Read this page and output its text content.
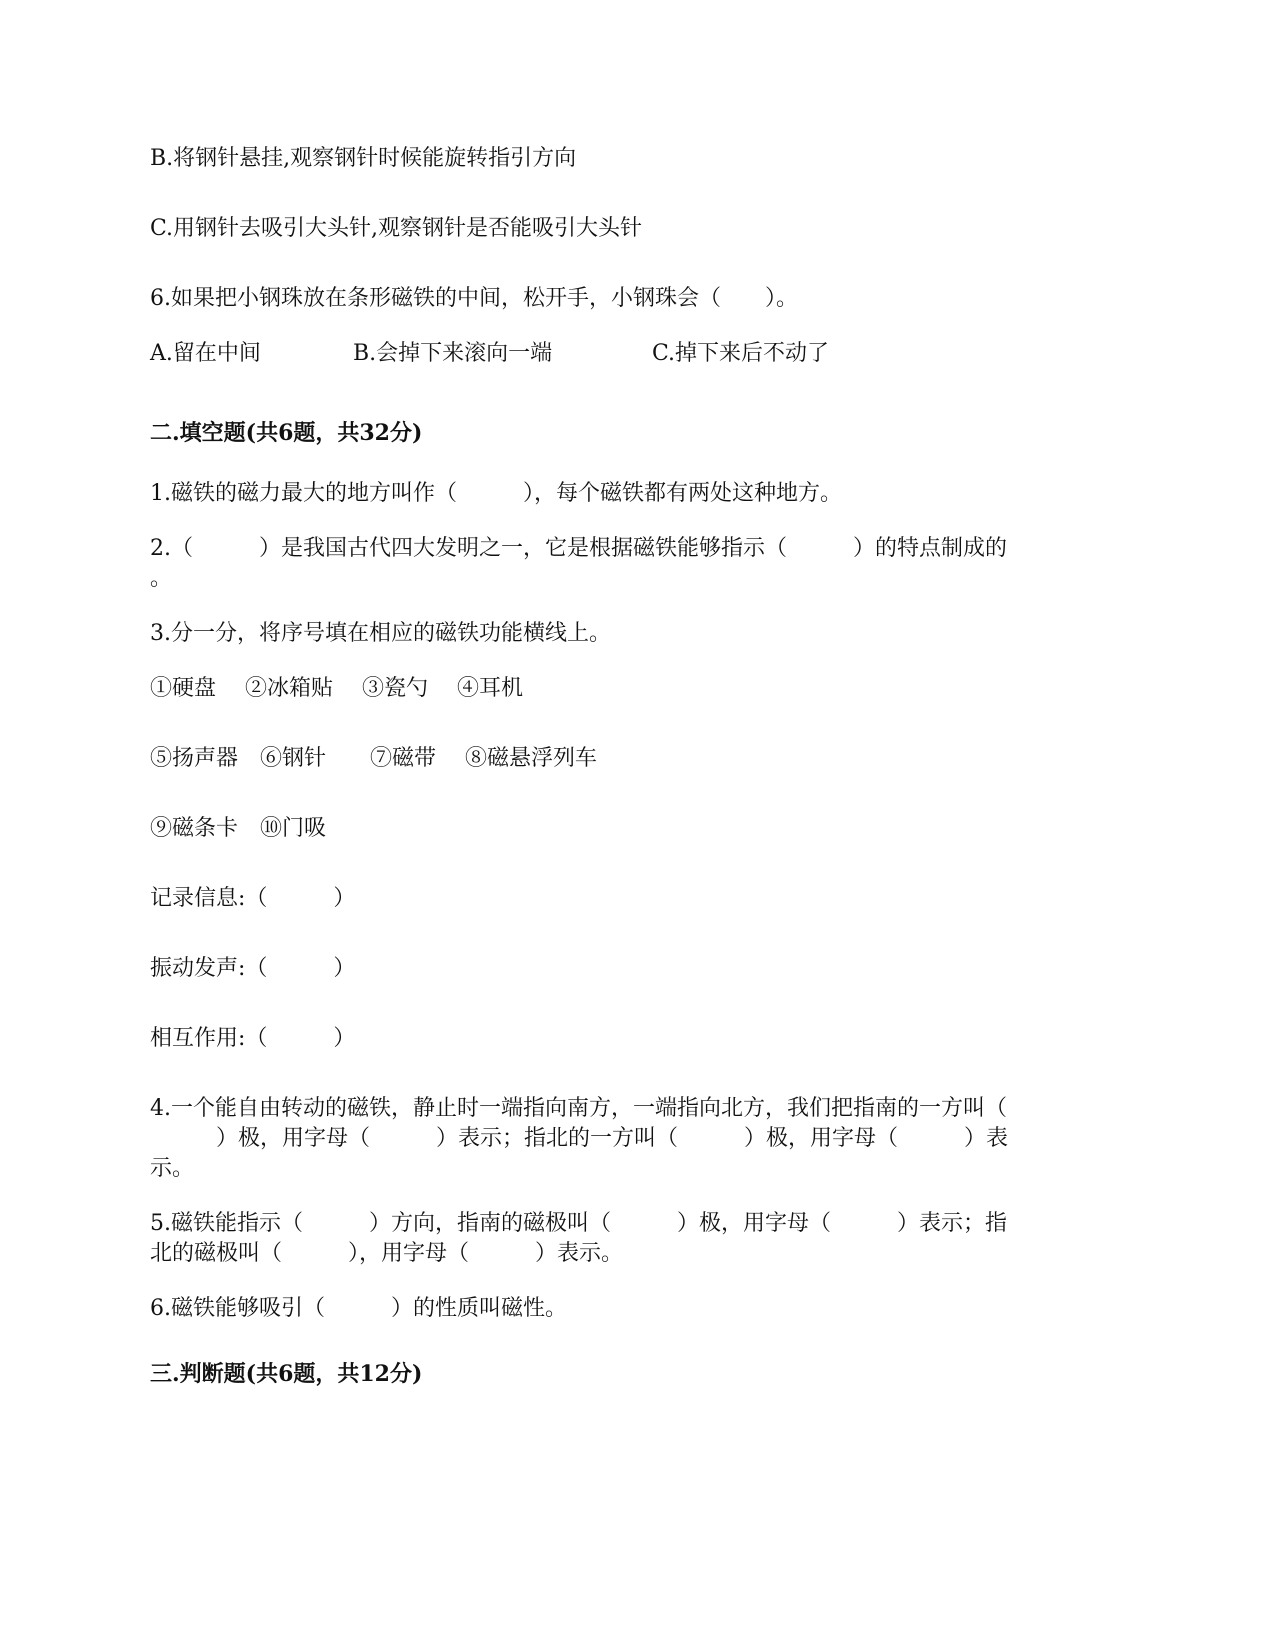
B.将钢针悬挂,观察钢针时候能旋转指引方向
C.用钢针去吸引大头针,观察钢针是否能吸引大头针
6.如果把小钢珠放在条形磁铁的中间，松开手，小钢珠会（　　）。
A.留在中间	B.会掉下来滚向一端	C.掉下来后不动了
二.填空题(共6题，共32分)
1.磁铁的磁力最大的地方叫作（　　　），每个磁铁都有两处这种地方。
2.（　　　）是我国古代四大发明之一，它是根据磁铁能够指示（　　　）的特点制成的
。
3.分一分，将序号填在相应的磁铁功能横线上。
①硬盘　 ②冰箱贴　 ③瓷勺　 ④耳机
⑤扬声器　⑥钢针　　⑦磁带　 ⑧磁悬浮列车
⑨磁条卡　⑩门吸
记录信息:（　　　）
振动发声:（　　　）
相互作用:（　　　）
4.一个能自由转动的磁铁，静止时一端指向南方，一端指向北方，我们把指南的一方叫（
　　　）极，用字母（　　　）表示；指北的一方叫（　　　）极，用字母（　　　）表
示。
5.磁铁能指示（　　　）方向，指南的磁极叫（　　　）极，用字母（　　　）表示；指
北的磁极叫（　　　），用字母（　　　）表示。
6.磁铁能够吸引（　　　）的性质叫磁性。
三.判断题(共6题，共12分)
